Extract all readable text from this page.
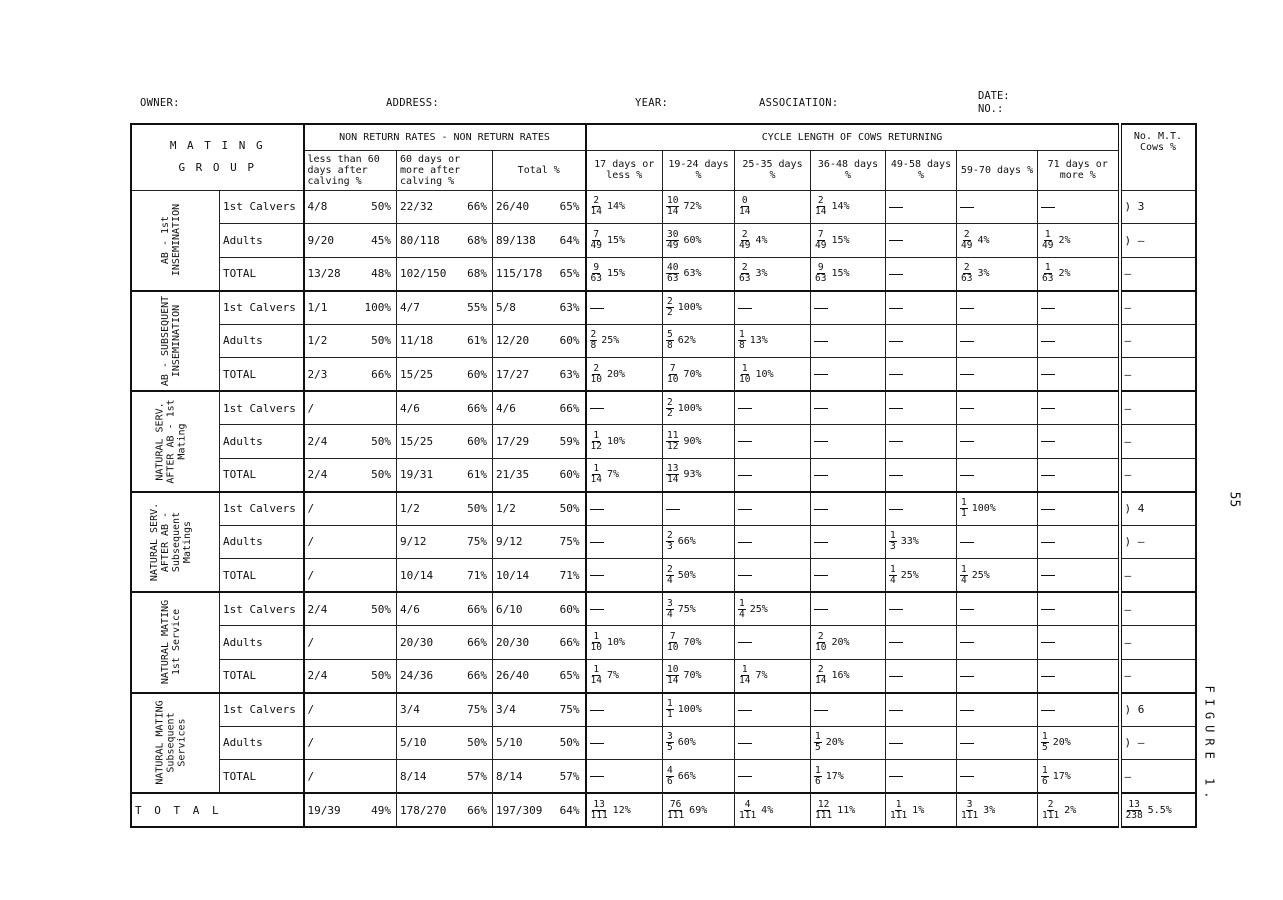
OWNER:	ADDRESS:	YEAR:	ASSOCIATION:
DATE:
NO.:
M A T I N G
G R O U P		NON RETURN RATES - NON RETURN RATES			CYCLE LENGTH OF COWS RETURNING							No. M.T. Cows %
		less than 60 days after calving %	60 days or more after calving %	Total %	17 days or less %	19-24 days %	25-35 days %	36-48 days %	49-58 days %	59-70 days %	71 days or more %	

AB - 1st INSEMINATION	1st Calvers	4/8 50%	22/32 66%	26/40 65%	$\frac{2}{14} 14\%$	$\frac{10}{14} 72\%$	$\frac{0}{14}$	$\frac{2}{14} 14\%$				) 3
	Adults	9/20 45%	80/118 68%	89/138 64%	$\frac{7}{49} 15\%$	$\frac{30}{49} 60\%$	$\frac{2}{49} 4\%$	$\frac{7}{49} 15\%$		$\frac{2}{49} 4\%$	$\frac{1}{49} 2\%$	) —
	TOTAL	13/28 48%	102/150 68%	115/178 65%	$\frac{9}{63} 15\%$	$\frac{40}{63} 63\%$	$\frac{2}{63} 3\%$	$\frac{9}{63} 15\%$		$\frac{2}{63} 3\%$	$\frac{1}{63} 2\%$	—

AB - SUBSEQUENT INSEMINATION	1st Calvers	1/1 100%	4/7 55%	5/8 63%		$\frac{2}{2} 100\%$						—
	Adults	1/2 50%	11/18 61%	12/20 60%	$\frac{2}{8} 25\%$	$\frac{5}{8} 62\%$	$\frac{1}{8} 13\%$					—
	TOTAL	2/3 66%	15/25 60%	17/27 63%	$\frac{2}{10} 20\%$	$\frac{7}{10} 70\%$	$\frac{1}{10} 10\%$					—

NATURAL SERV. AFTER AB - 1st Mating	1st Calvers	/	4/6 66%	4/6 66%		$\frac{2}{2} 100\%$						—
	Adults	2/4 50%	15/25 60%	17/29 59%	$\frac{1}{12} 10\%$	$\frac{11}{12} 90\%$						—
	TOTAL	2/4 50%	19/31 61%	21/35 60%	$\frac{1}{14} 7\%$	$\frac{13}{14} 93\%$						—

NATURAL SERV. AFTER AB - Subsequent Matings	1st Calvers	/	1/2 50%	1/2 50%						$\frac{1}{1} 100\%$		) 4
	Adults	/	9/12 75%	9/12 75%		$\frac{2}{3} 66\%$			$\frac{1}{3} 33\%$			) —
	TOTAL	/	10/14 71%	10/14 71%		$\frac{2}{4} 50\%$			$\frac{1}{4} 25\%$	$\frac{1}{4} 25\%$		—

NATURAL MATING 1st Service	1st Calvers	2/4 50%	4/6 66%	6/10 60%		$\frac{3}{4} 75\%$	$\frac{1}{4} 25\%$					—
	Adults	/	20/30 66%	20/30 66%	$\frac{1}{10} 10\%$	$\frac{7}{10} 70\%$		$\frac{2}{10} 20\%$				—
	TOTAL	2/4 50%	24/36 66%	26/40 65%	$\frac{1}{14} 7\%$	$\frac{10}{14} 70\%$	$\frac{1}{14} 7\%$	$\frac{2}{14} 16\%$				—

NATURAL MATING Subsequent Services	1st Calvers	/	3/4 75%	3/4 75%		$\frac{1}{1} 100\%$						) 6
	Adults	/	5/10 50%	5/10 50%		$\frac{3}{5} 60\%$		$\frac{1}{5} 20\%$			$\frac{1}{5} 20\%$	) —
	TOTAL	/	8/14 57%	8/14 57%		$\frac{4}{6} 66\%$		$\frac{1}{6} 17\%$			$\frac{1}{6} 17\%$	—
T O T A L		19/39 49%	178/270 66%	197/309 64%	$\frac{13}{111} 12\%$	$\frac{76}{111} 69\%$	$\frac{4}{111} 4\%$	$\frac{12}{111} 11\%$	$\frac{1}{111} 1\%$	$\frac{3}{111} 3\%$	$\frac{2}{111} 2\%$	$\frac{13}{238} 5.5\%$
55
FIGURE 1.
